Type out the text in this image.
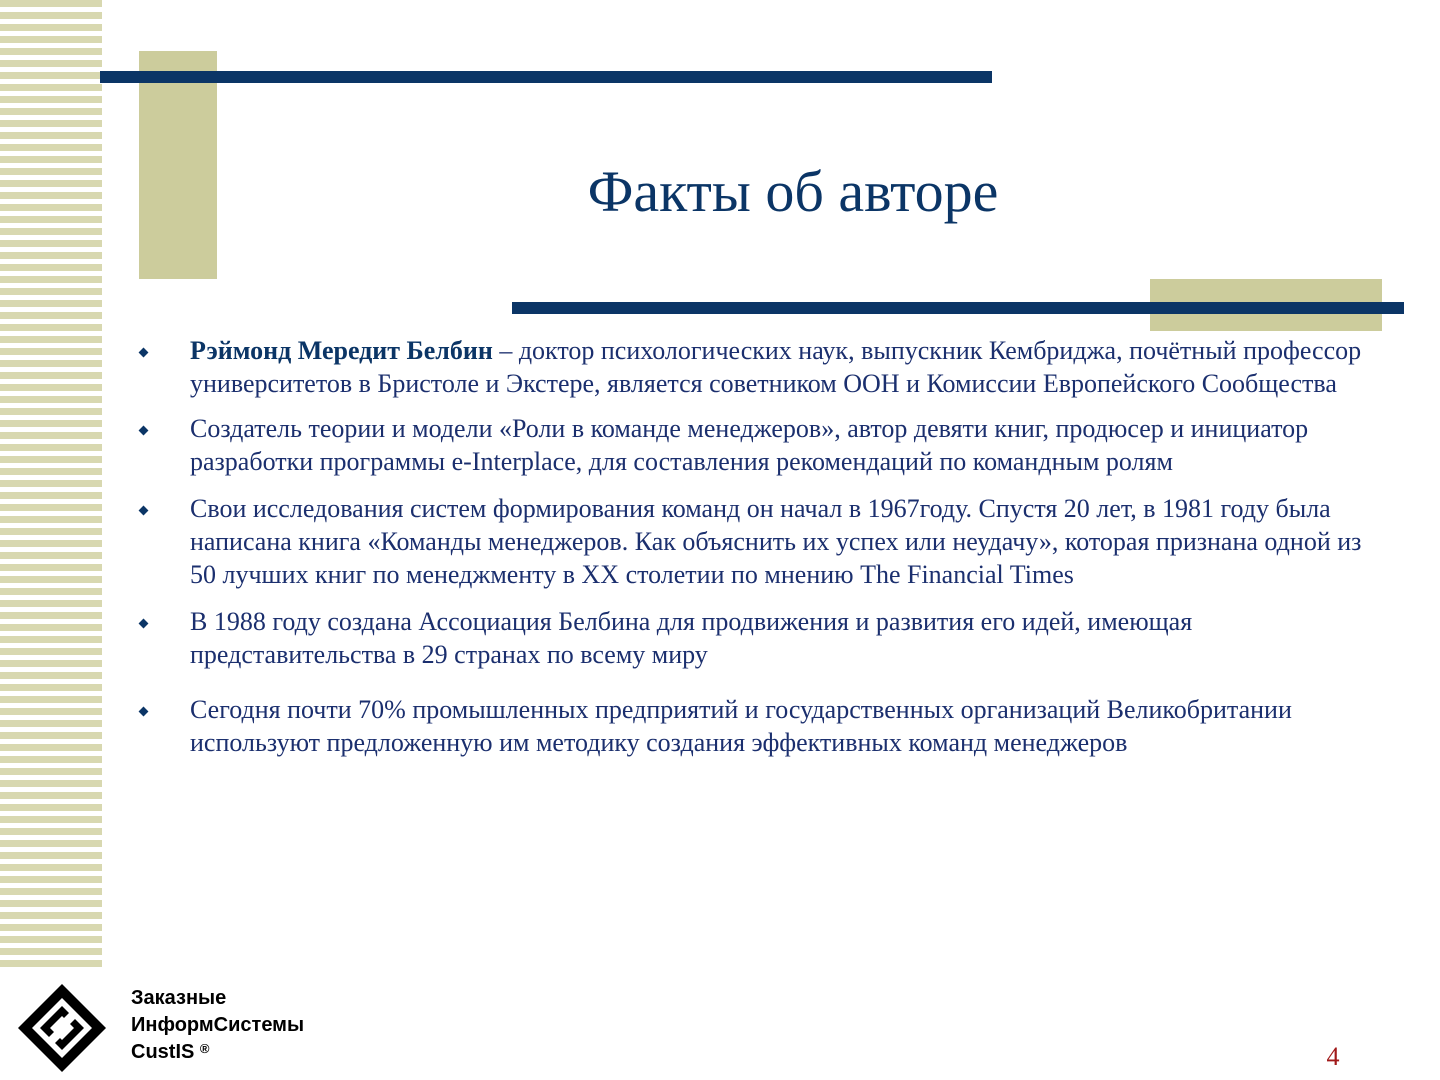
Факты об авторе
Рэймонд Мередит Белбин – доктор психологических наук, выпускник Кембриджа, почётный профессор университетов в Бристоле и Экстере, является советником ООН и Комиссии Европейского Сообщества
Создатель теории и модели «Роли в команде менеджеров», автор девяти книг, продюсер и инициатор разработки программы e-Interplace, для составления рекомендаций по командным ролям
Свои исследования систем формирования команд он начал в 1967году. Спустя 20 лет, в 1981 году была написана книга «Команды менеджеров. Как объяснить их успех или неудачу», которая признана одной из 50 лучших книг по менеджменту в XX столетии по мнению The Financial Times
В 1988 году создана Ассоциация Белбина для продвижения и развития его идей, имеющая представительства в 29 странах по всему миру
Сегодня почти 70% промышленных предприятий и государственных организаций Великобритании используют предложенную им методику создания эффективных команд менеджеров
Заказные
ИнформСистемы
CustIS ®	4
